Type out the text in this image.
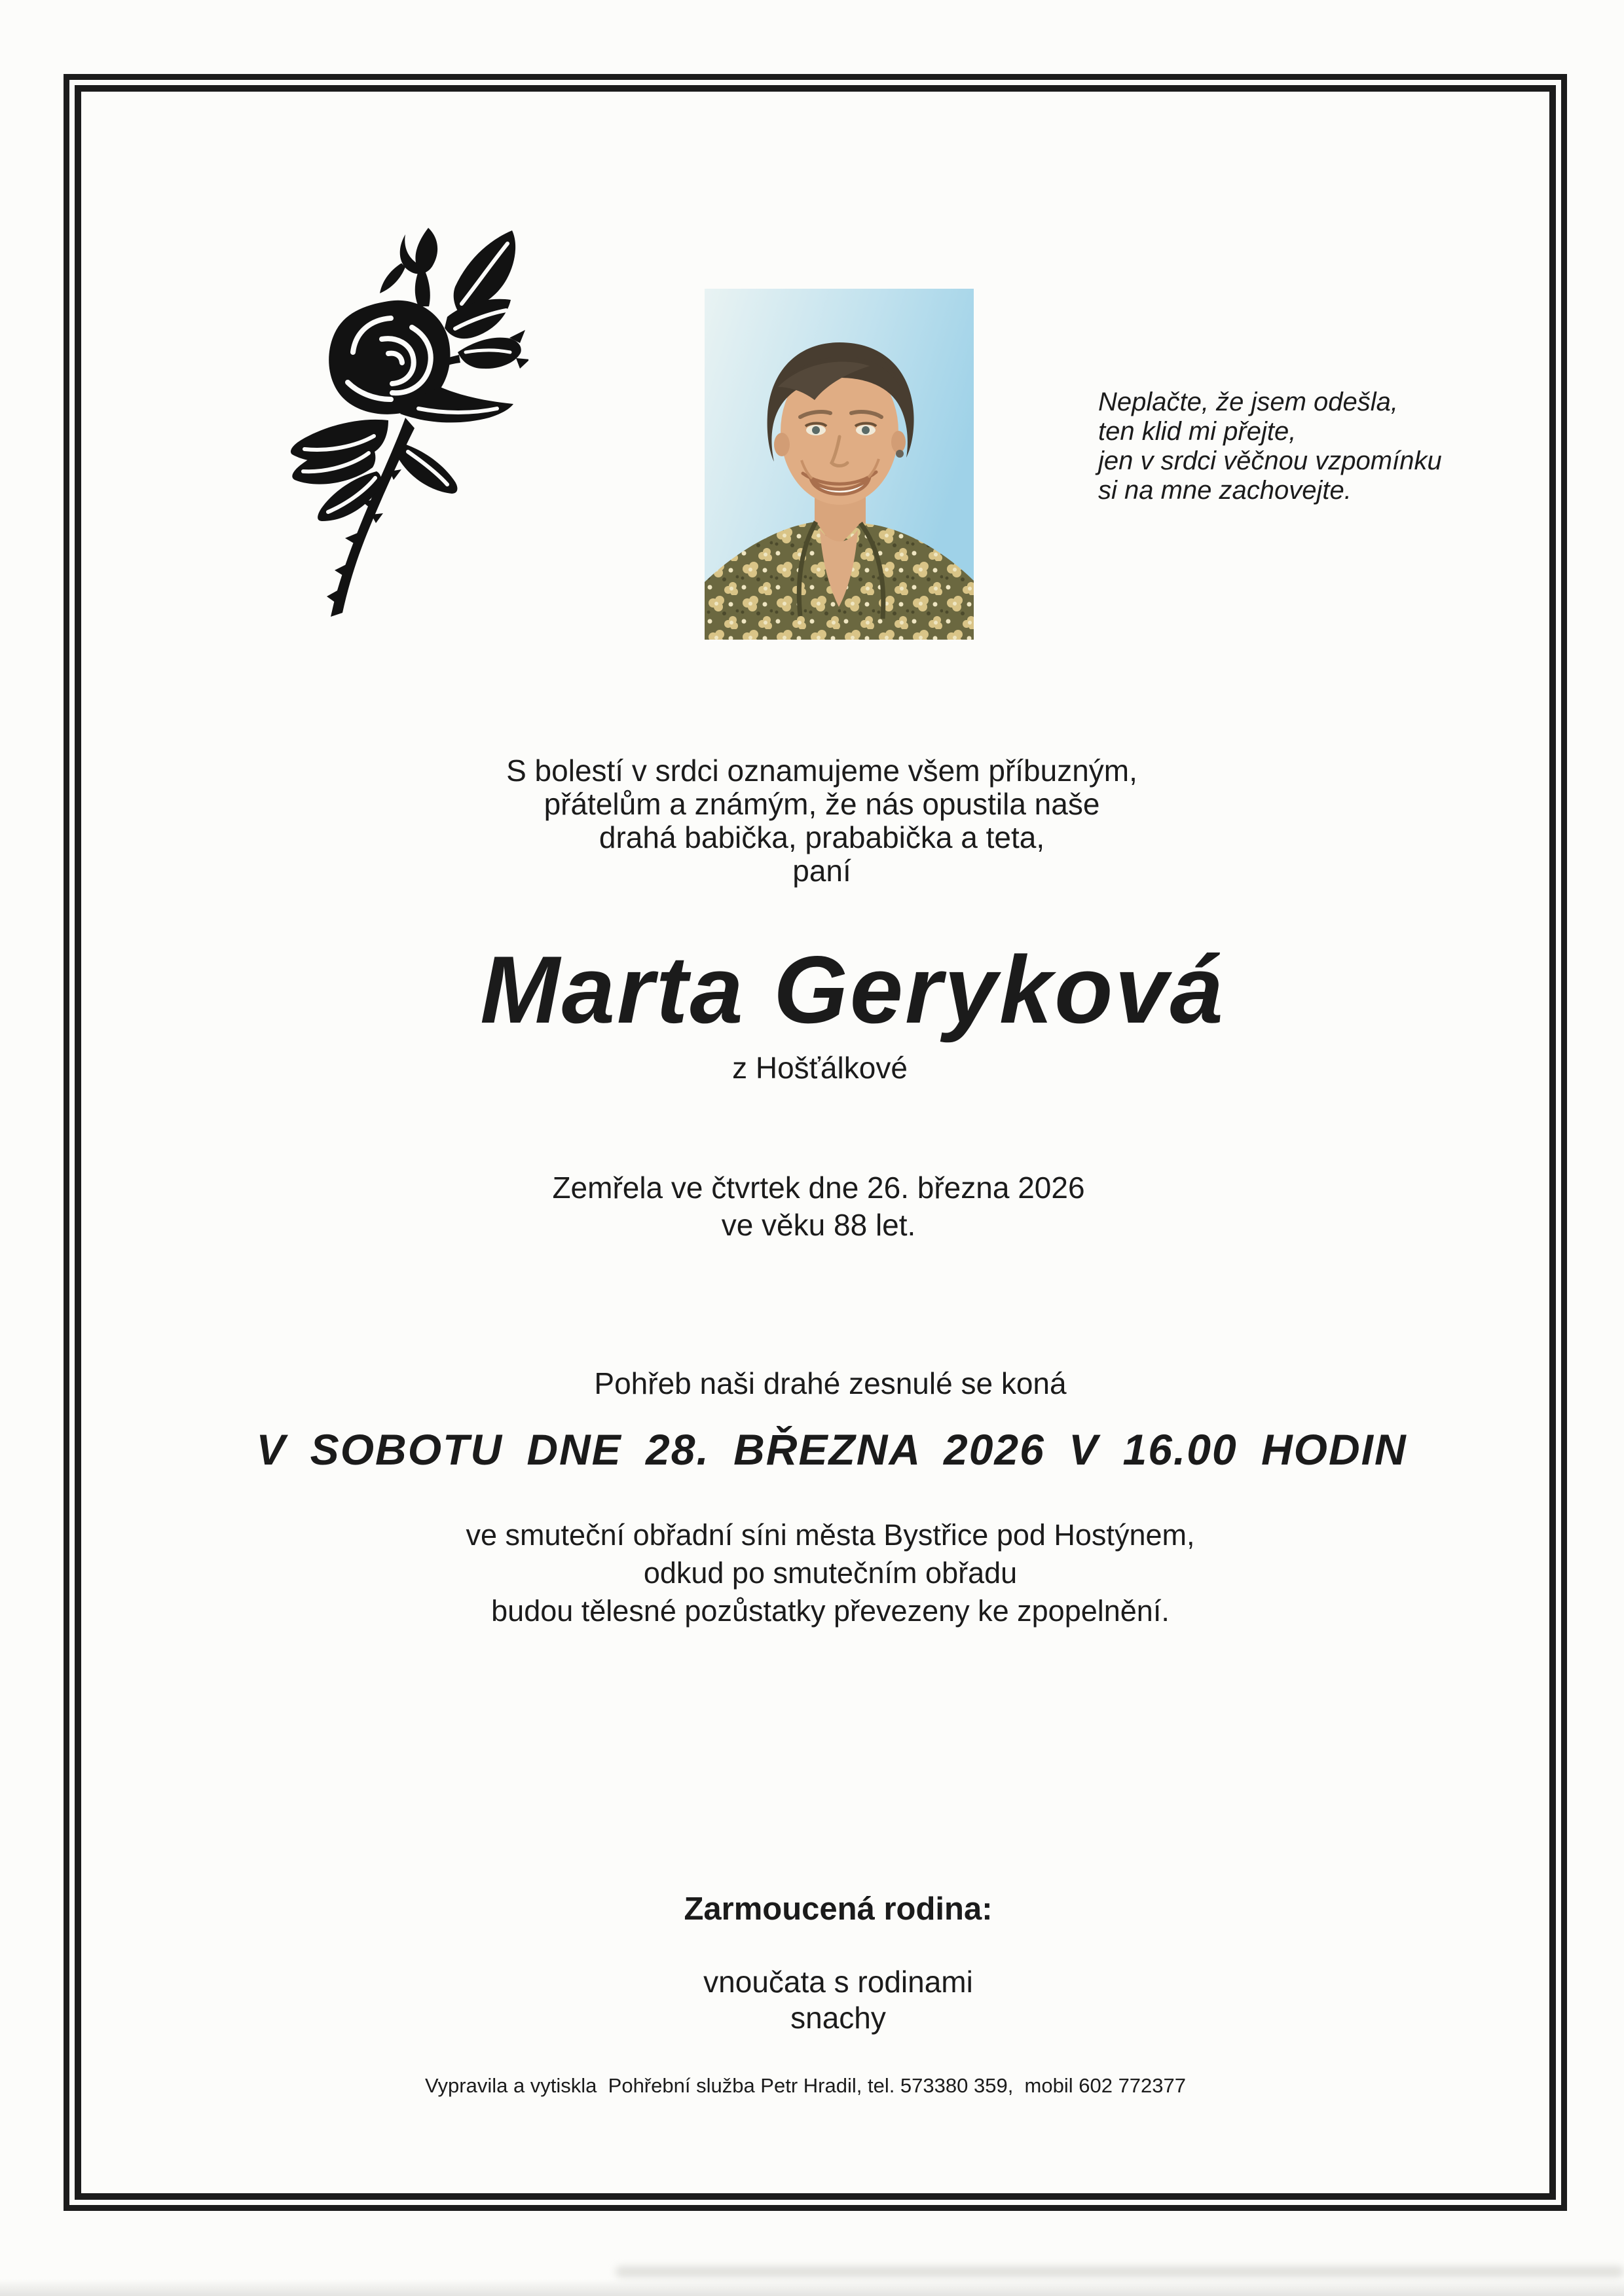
Neplačte, že jsem odešla,
ten klid mi přejte,
jen v srdci věčnou vzpomínku
si na mne zachovejte.
S bolestí v srdci oznamujeme všem příbuzným,
přátelům a známým, že nás opustila naše
drahá babička, prababička a teta,
paní
Marta Geryková
z Hošťálkové
Zemřela ve čtvrtek dne 26. března 2026
ve věku 88 let.
Pohřeb naši drahé zesnulé se koná
V SOBOTU DNE 28. BŘEZNA 2026 V 16.00 HODIN
ve smuteční obřadní síni města Bystřice pod Hostýnem,
odkud po smutečním obřadu
budou tělesné pozůstatky převezeny ke zpopelnění.
Zarmoucená rodina:
vnoučata s rodinami
snachy
Vypravila a vytiskla  Pohřební služba Petr Hradil, tel. 573380 359,  mobil 602 772377
